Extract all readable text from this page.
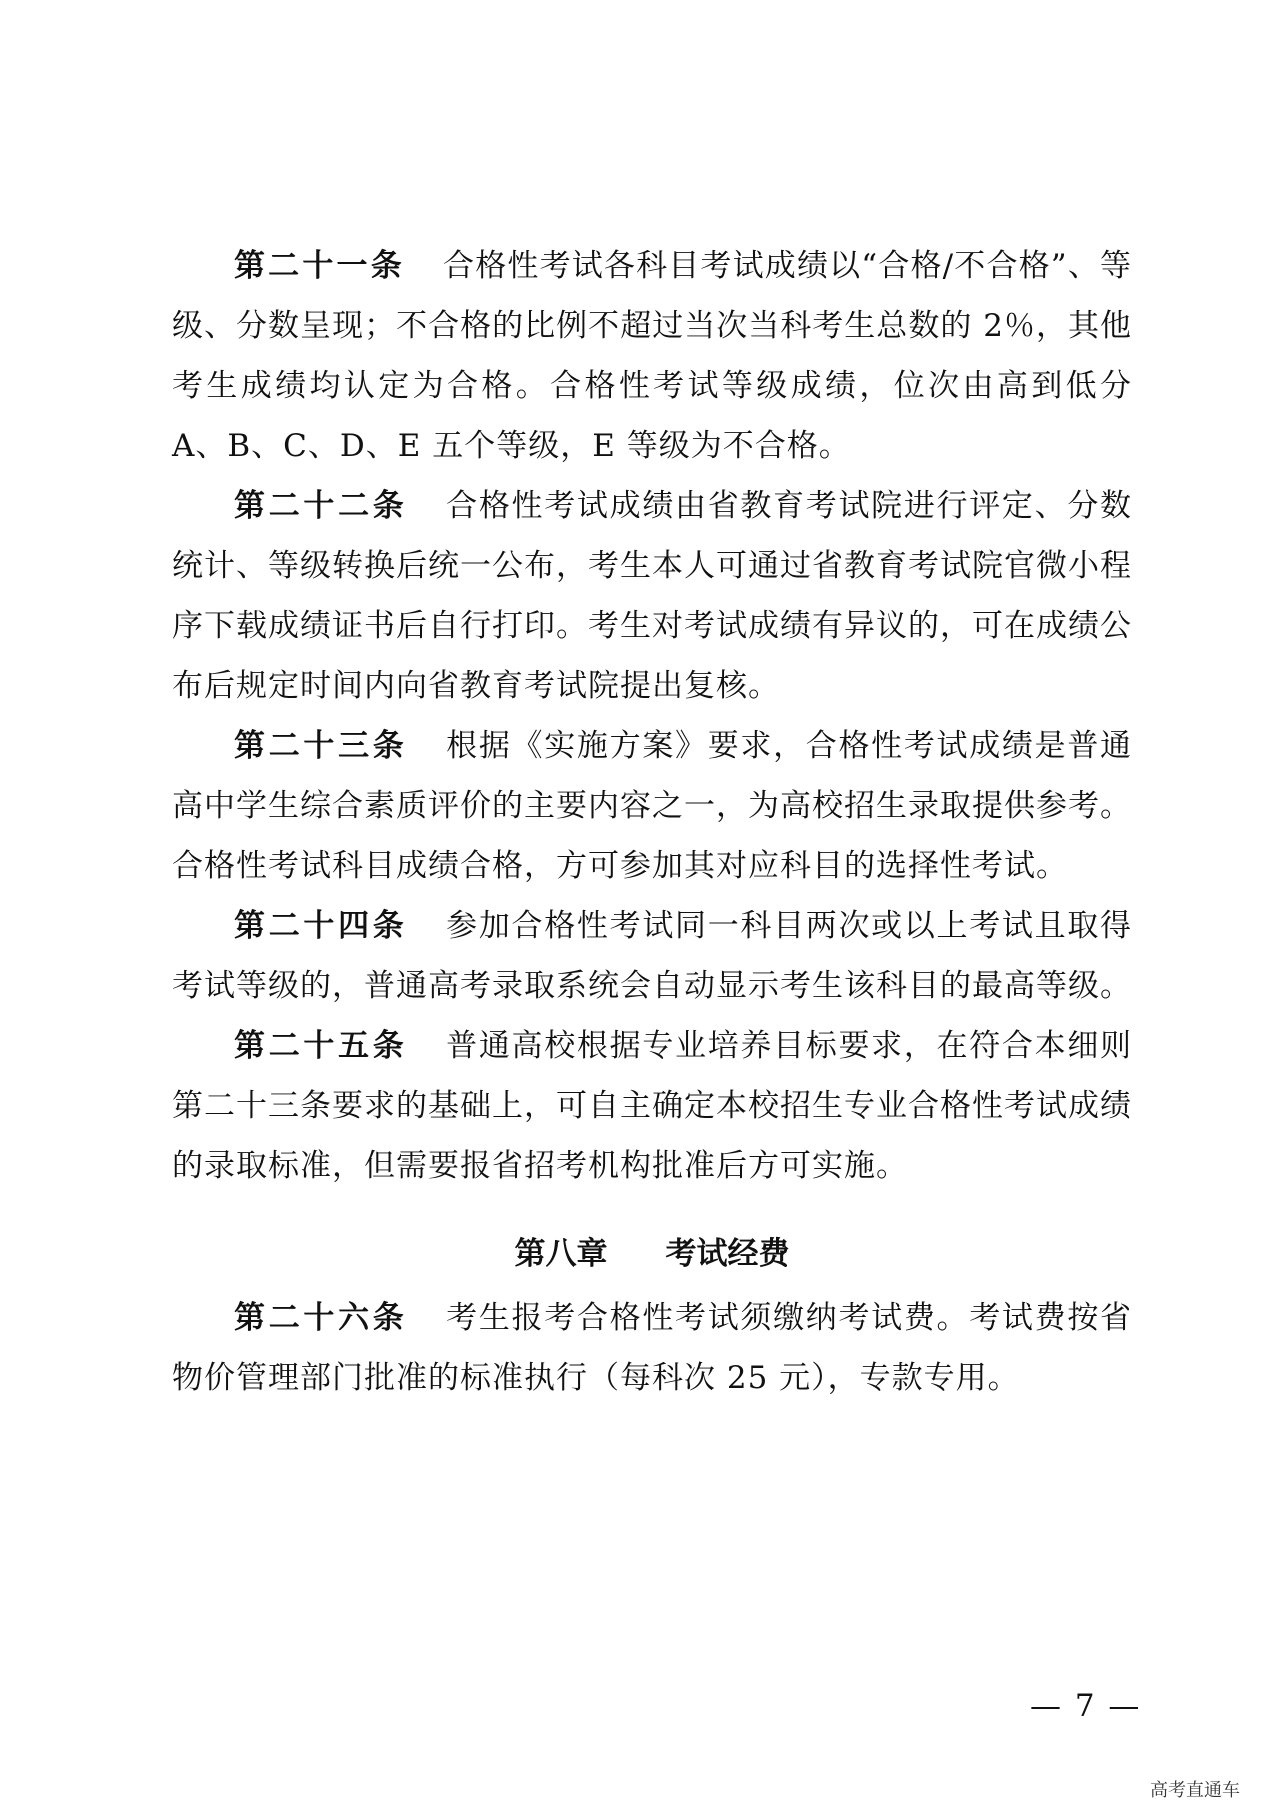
第二十一条 合格性考试各科目考试成绩以“合格/不合格”、等级、分数呈现；不合格的比例不超过当次当科考生总数的 2％，其他考生成绩均认定为合格。合格性考试等级成绩，位次由高到低分 A、B、C、D、E 五个等级，E 等级为不合格。

第二十二条 合格性考试成绩由省教育考试院进行评定、分数统计、等级转换后统一公布，考生本人可通过省教育考试院官微小程序下载成绩证书后自行打印。考生对考试成绩有异议的，可在成绩公布后规定时间内向省教育考试院提出复核。

第二十三条 根据《实施方案》要求，合格性考试成绩是普通高中学生综合素质评价的主要内容之一，为高校招生录取提供参考。合格性考试科目成绩合格，方可参加其对应科目的选择性考试。

第二十四条 参加合格性考试同一科目两次或以上考试且取得考试等级的，普通高考录取系统会自动显示考生该科目的最高等级。

第二十五条 普通高校根据专业培养目标要求，在符合本细则第二十三条要求的基础上，可自主确定本校招生专业合格性考试成绩的录取标准，但需要报省招考机构批准后方可实施。

第八章 考试经费

第二十六条 考生报考合格性考试须缴纳考试费。考试费按省物价管理部门批准的标准执行（每科次 25 元），专款专用。

— 7 —
高考直通车
